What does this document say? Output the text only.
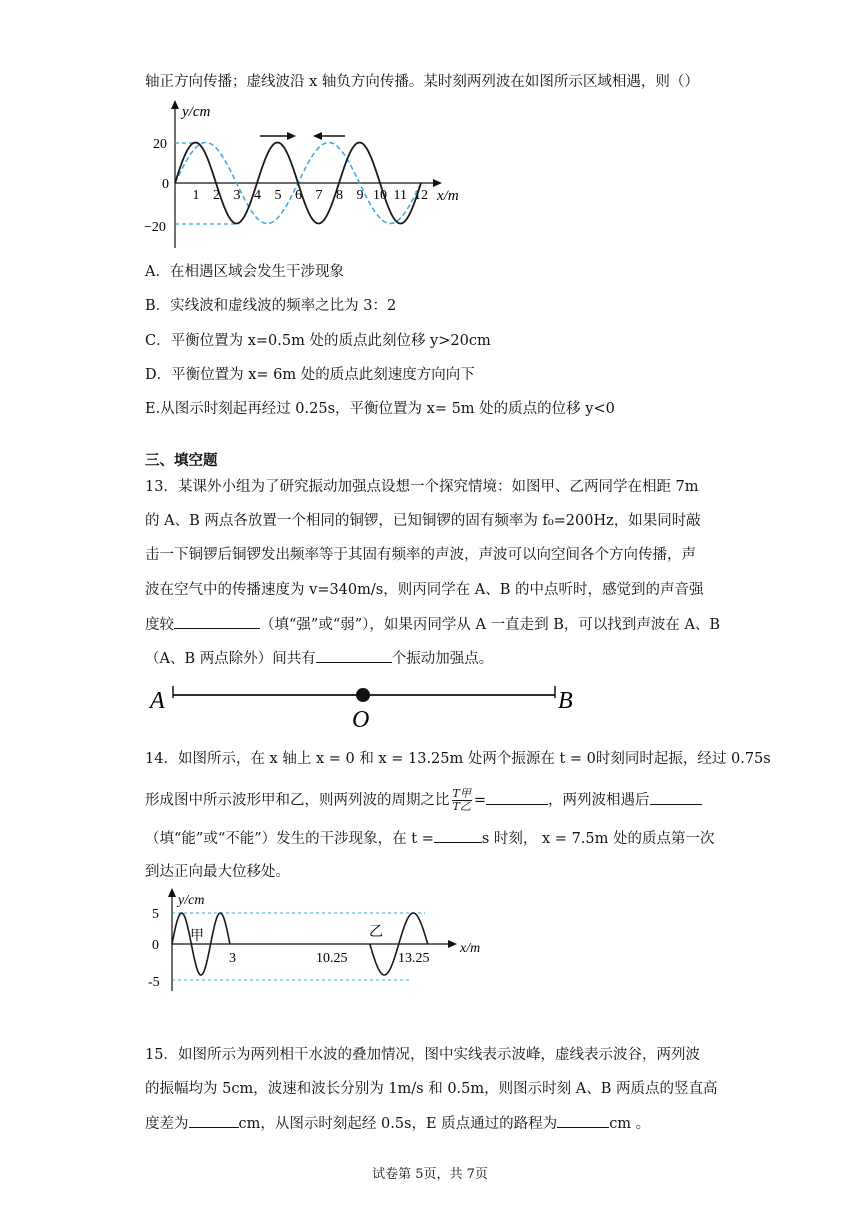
轴正方向传播；虚线波沿 x 轴负方向传播。某时刻两列波在如图所示区域相遇，则（）
y/cm
x/m
20
0
−20
1 2 3 4 5 6 7 8 9 10 11 12
A．在相遇区域会发生干涉现象
B．实线波和虚线波的频率之比为 3：2
C．平衡位置为 x=0.5m 处的质点此刻位移 y>20cm
D．平衡位置为 x= 6m 处的质点此刻速度方向向下
E.从图示时刻起再经过 0.25s，平衡位置为 x= 5m 处的质点的位移 y<0
三、填空题
13．某课外小组为了研究振动加强点设想一个探究情境：如图甲、乙两同学在相距 7m
的 A、B 两点各放置一个相同的铜锣，已知铜锣的固有频率为 f₀=200Hz，如果同时敲
击一下铜锣后铜锣发出频率等于其固有频率的声波，声波可以向空间各个方向传播，声
波在空气中的传播速度为 v=340m/s，则丙同学在 A、B 的中点听时，感觉到的声音强
度较	（填“强”或“弱”），如果丙同学从 A 一直走到 B，可以找到声波在 A、B
（A、B 两点除外）间共有	个振动加强点。
A
O
B
14．如图所示，在 x 轴上 x = 0 和 x = 13.25m 处两个振源在 t = 0时刻同时起振，经过 0.75s
形成图中所示波形甲和乙，则两列波的周期之比 $\frac{\text{T甲}}{\text{T乙}}$ =	，两列波相遇后
（填“能”或“不能”）发生的干涉现象，在 t =	s 时刻， x = 7.5m 处的质点第一次
到达正向最大位移处。
y/cm
x/m
5
0
-5
甲	乙
3	10.25	13.25
15．如图所示为两列相干水波的叠加情况，图中实线表示波峰，虚线表示波谷，两列波
的振幅均为 5cm，波速和波长分别为 1m/s 和 0.5m，则图示时刻 A、B 两质点的竖直高
度差为	cm，从图示时刻起经 0.5s，E 质点通过的路程为	cm 。
试卷第 5页，共 7页
